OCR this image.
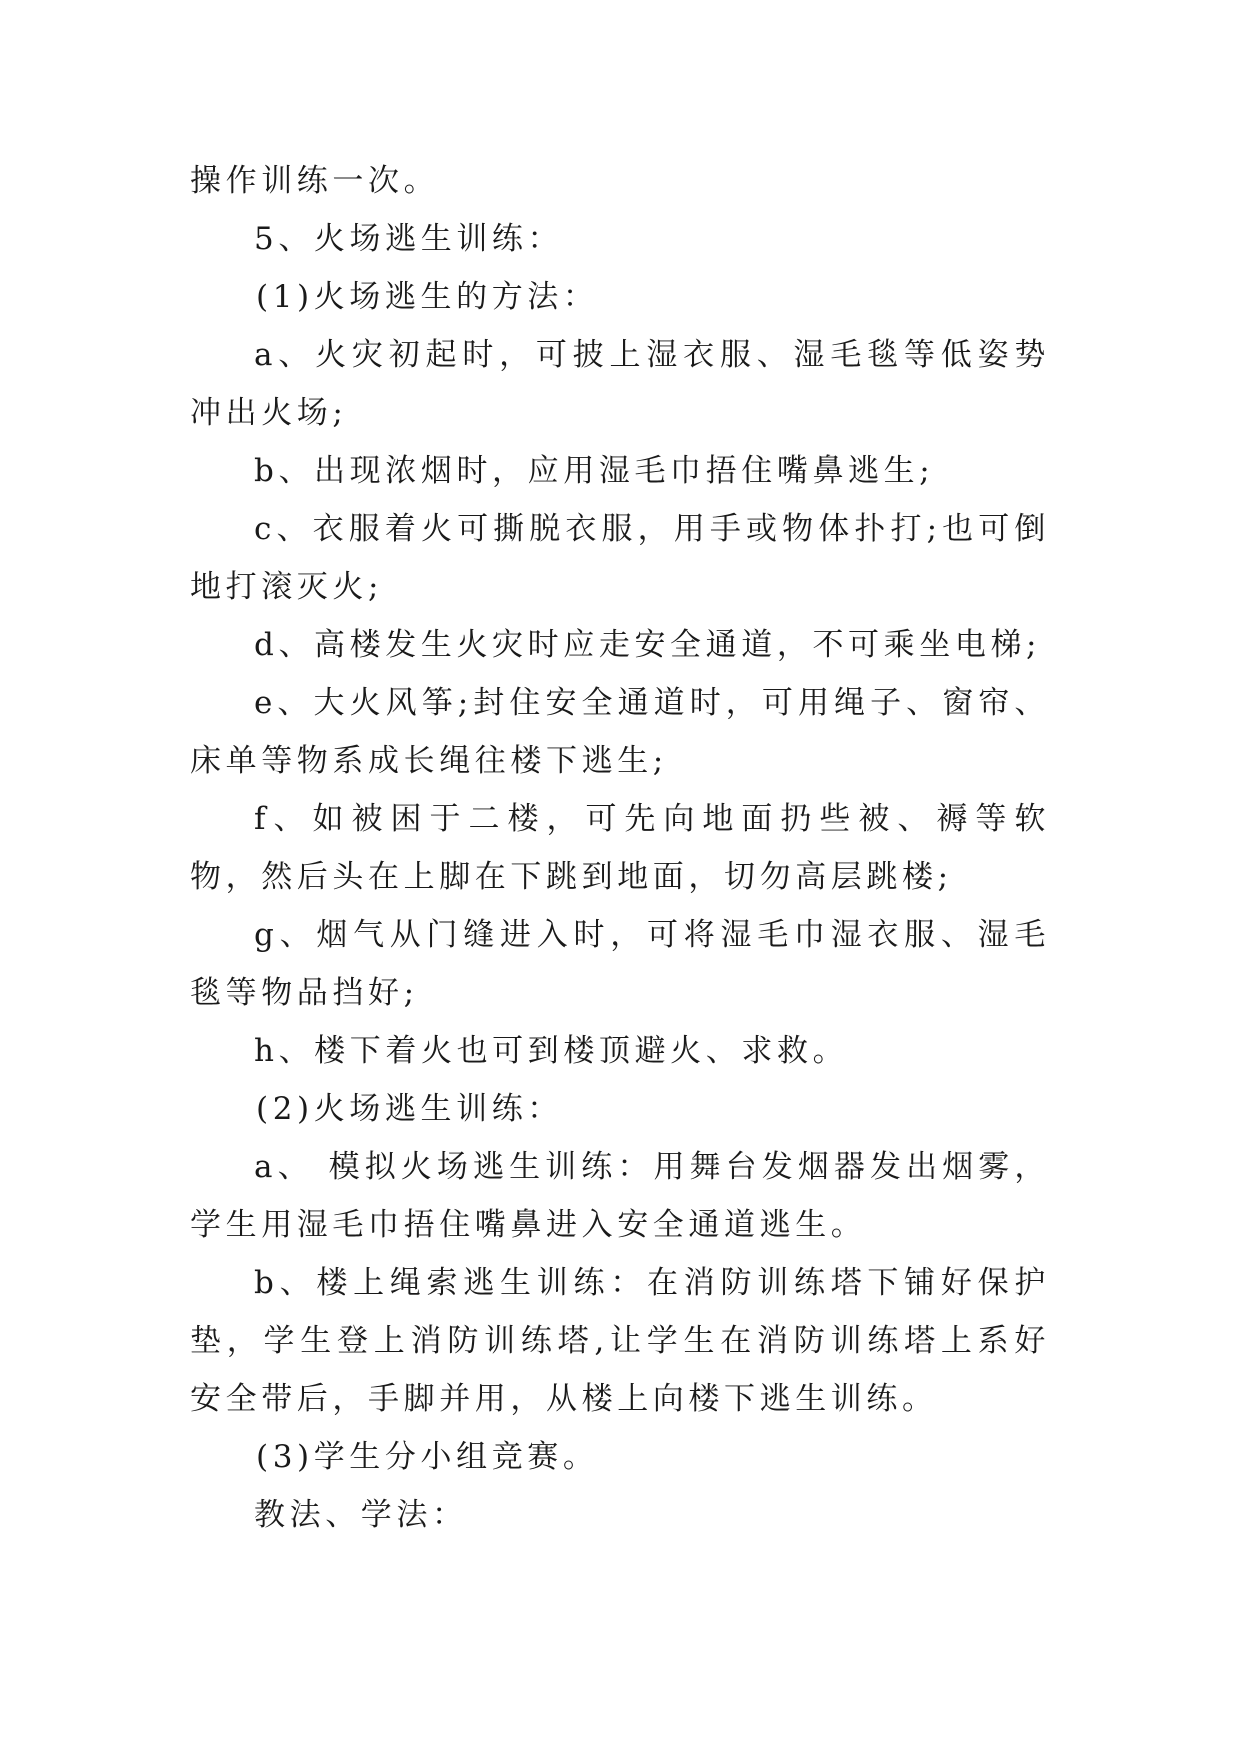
操作训练一次。

5、火场逃生训练：

(1)火场逃生的方法：

a、火灾初起时，可披上湿衣服、湿毛毯等低姿势冲出火场;

b、出现浓烟时，应用湿毛巾捂住嘴鼻逃生;

c、衣服着火可撕脱衣服，用手或物体扑打;也可倒地打滚灭火;

d、高楼发生火灾时应走安全通道，不可乘坐电梯;

e、大火风筝;封住安全通道时，可用绳子、窗帘、床单等物系成长绳往楼下逃生;

f、如被困于二楼，可先向地面扔些被、褥等软物，然后头在上脚在下跳到地面，切勿高层跳楼;

g、烟气从门缝进入时，可将湿毛巾湿衣服、湿毛毯等物品挡好;

h、楼下着火也可到楼顶避火、求救。

(2)火场逃生训练：

a、 模拟火场逃生训练：用舞台发烟器发出烟雾，学生用湿毛巾捂住嘴鼻进入安全通道逃生。

b、楼上绳索逃生训练：在消防训练塔下铺好保护垫，学生登上消防训练塔,让学生在消防训练塔上系好安全带后，手脚并用，从楼上向楼下逃生训练。

(3)学生分小组竞赛。

教法、学法：
